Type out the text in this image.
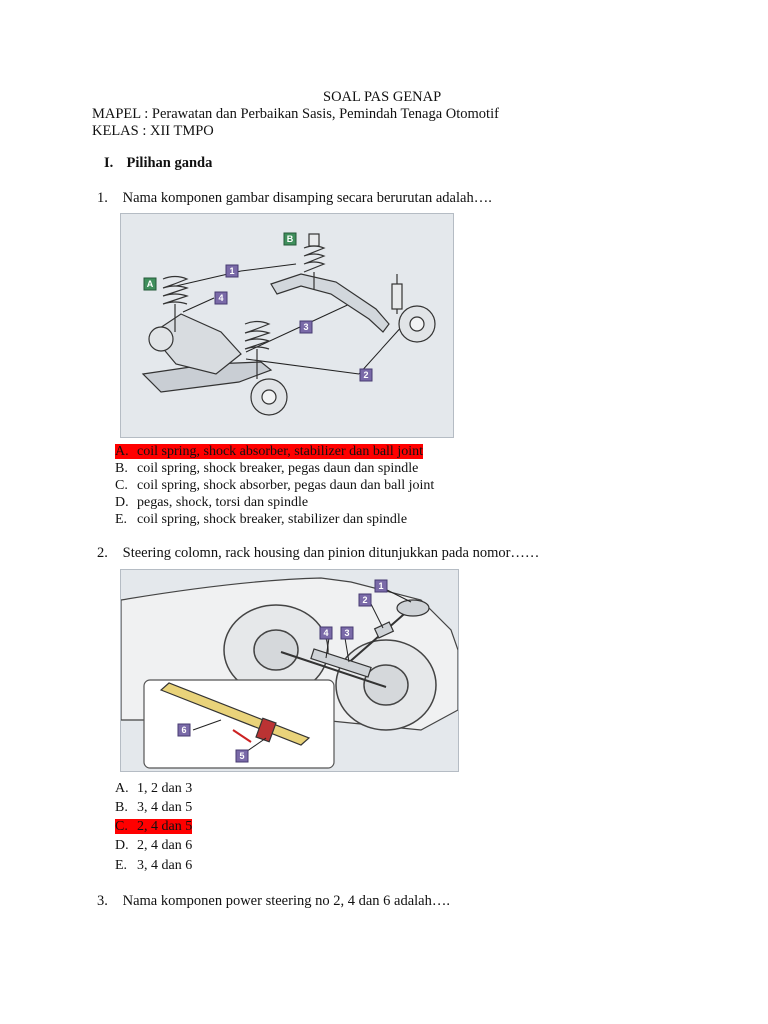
SOAL PAS GENAP
MAPEL : Perawatan dan Perbaikan Sasis, Pemindah Tenaga Otomotif
KELAS : XII TMPO
I. Pilihan ganda
1. Nama komponen gambar disamping secara berurutan adalah….
A
B
1
2
3
4
A. coil spring, shock absorber, stabilizer dan ball joint
B. coil spring, shock breaker, pegas daun dan spindle
C. coil spring, shock absorber, pegas daun dan ball joint
D. pegas, shock, torsi dan spindle
E. coil spring, shock breaker, stabilizer dan spindle
2. Steering colomn, rack housing dan pinion ditunjukkan pada nomor……
1
2
3
4
5
6
A. 1, 2 dan 3
B. 3, 4 dan 5
C. 2, 4 dan 5
D. 2, 4 dan 6
E. 3, 4 dan 6
3. Nama komponen power steering no 2, 4 dan 6 adalah….
